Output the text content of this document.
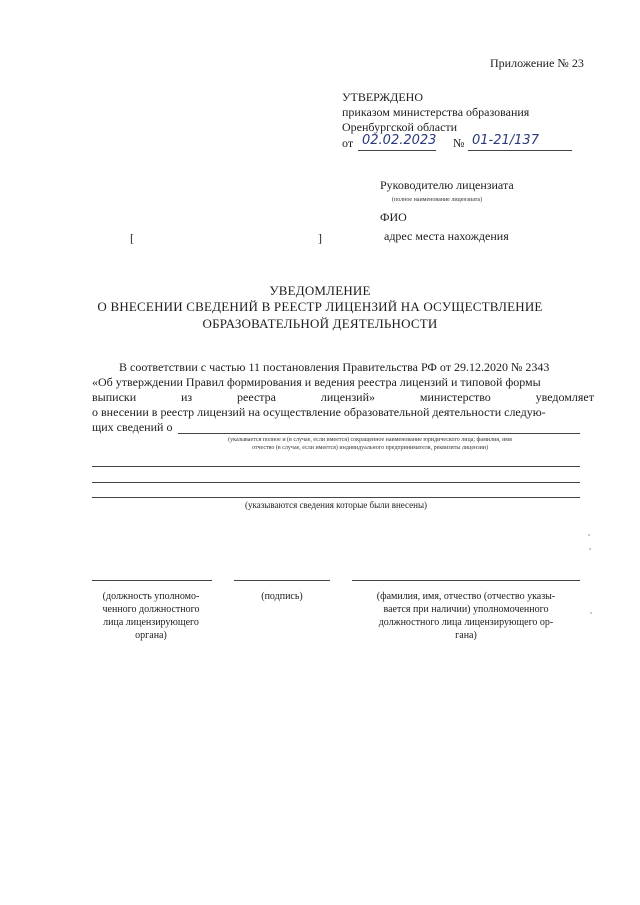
Приложение № 23
УТВЕРЖДЕНО
приказом министерства образования
Оренбургской области
от 02.02.2023 № 01-21/137
Руководителю лицензиата
(полное наименование лицензиата)
ФИО
[	]	адрес места нахождения
УВЕДОМЛЕНИЕ
О ВНЕСЕНИИ СВЕДЕНИЙ В РЕЕСТР ЛИЦЕНЗИЙ НА ОСУЩЕСТВЛЕНИЕ
ОБРАЗОВАТЕЛЬНОЙ ДЕЯТЕЛЬНОСТИ
В соответствии с частью 11 постановления Правительства РФ от 29.12.2020 № 2343
«Об утверждении Правил формирования и ведения реестра лицензий и типовой формы
выписки	из	реестра	лицензий»	министерство	уведомляет
о внесении в реестр лицензий на осуществление образовательной деятельности следую-
щих сведений о
(указывается полное и (в случае, если имеется) сокращенное наименование юридического лица; фамилия, имя
отчество (в случае, если имеется) индивидуального предпринимателя, реквизиты лицензии)
(указываются сведения которые были внесены)
(должность уполномо-
ченного должностного
лица лицензирующего
органа)
(подпись)	(фамилия, имя, отчество (отчество указы-
вается при наличии) уполномоченного
должностного лица лицензирующего ор-
гана)
